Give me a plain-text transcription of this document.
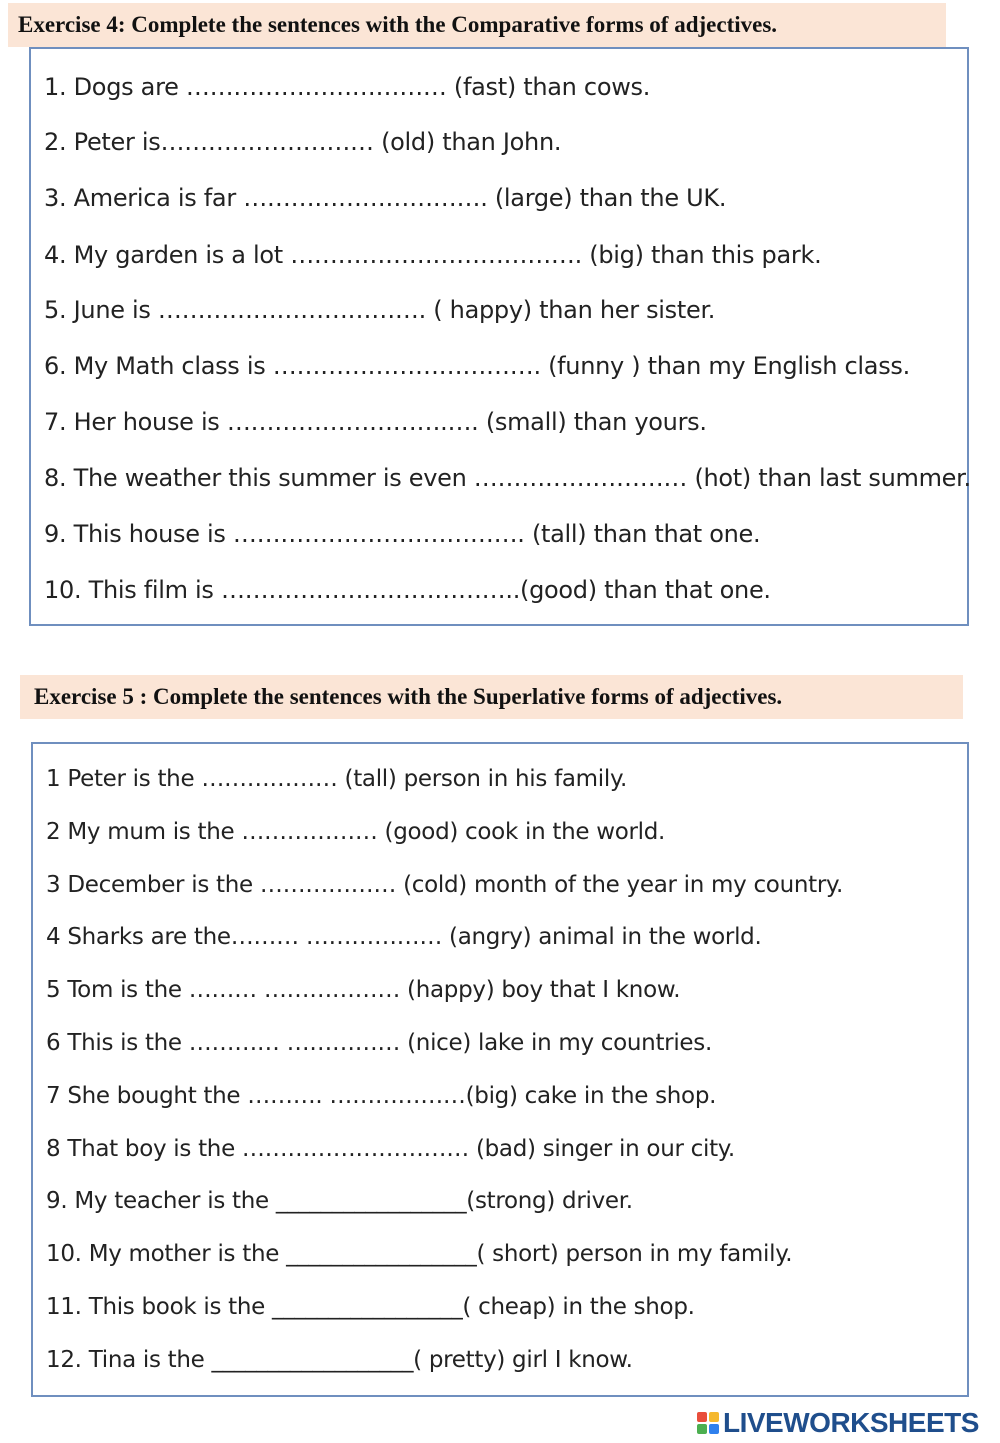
Exercise 4: Complete the sentences with the Comparative forms of adjectives.
1. Dogs are …………………………… (fast) than cows.
2. Peter is……………………… (old) than John.
3. America is far …………………………. (large) than the UK.
4. My garden is a lot ………………………………. (big) than this park.
5. June is ……………………………. ( happy) than her sister.
6. My Math class is ……………………………. (funny ) than my English class.
7. Her house is ……………………….…. (small) than yours.
8. The weather this summer is even ……………………… (hot) than last summer.
9. This house is ………………………………. (tall) than that one.
10. This film is ………………………………..(good) than that one.
Exercise 5 : Complete the sentences with the Superlative forms of adjectives.
1 Peter is the ……………… (tall) person in his family.
2 My mum is the ……………… (good) cook in the world.
3 December is the ……………… (cold) month of the year in my country.
4 Sharks are the……… ……………… (angry) animal in the world.
5 Tom is the ……… ……………… (happy) boy that I know.
6 This is the ………… …………… (nice) lake in my countries.
7 She bought the ………. ………………(big) cake in the shop.
8 That boy is the ………………………… (bad) singer in our city.
9. My teacher is the _________________(strong) driver.
10. My mother is the _________________( short) person in my family.
11. This book is the _________________( cheap) in the shop.
12. Tina is the __________________( pretty) girl I know.
LIVEWORKSHEETS
